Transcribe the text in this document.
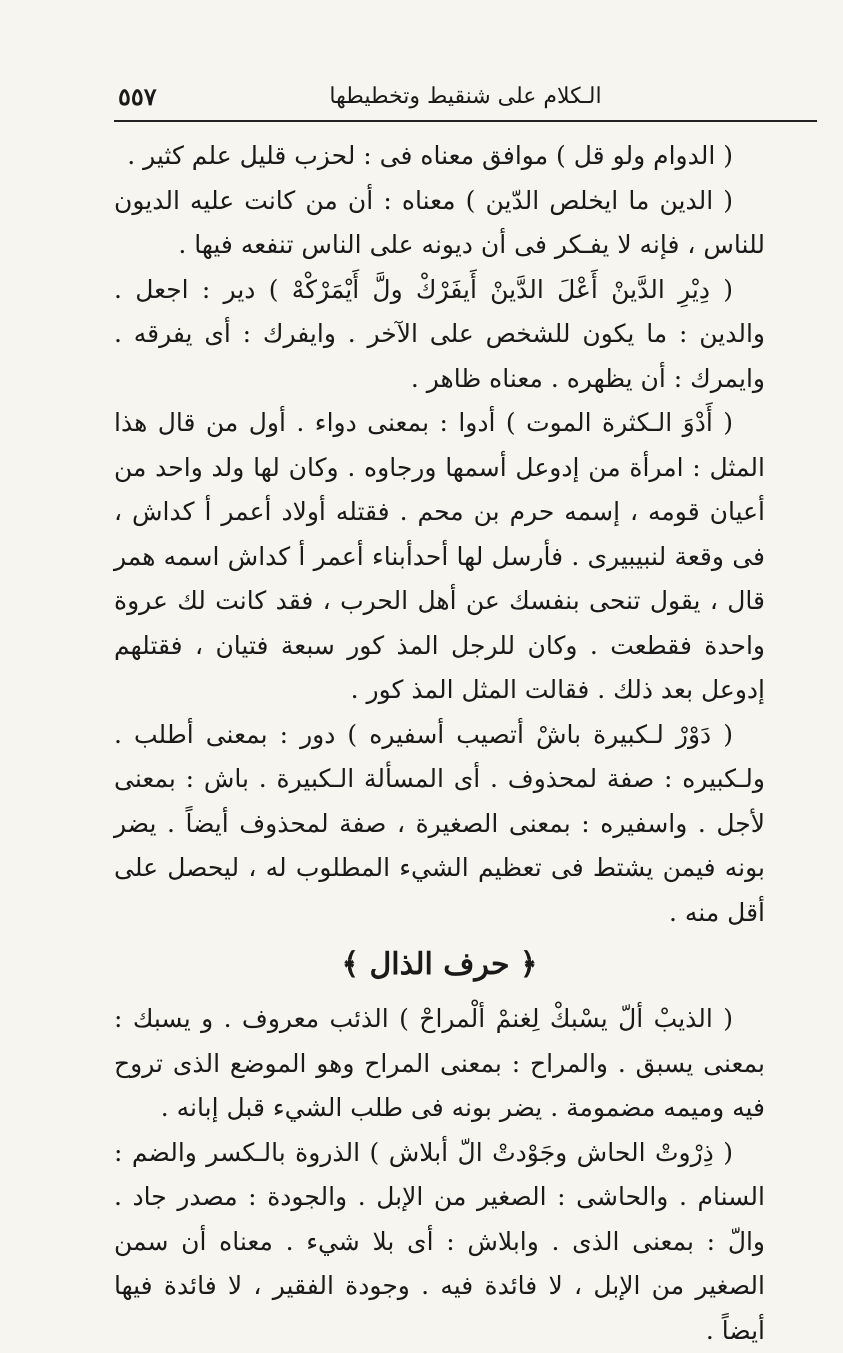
الـكلام على شنقيط وتخطيطها
٥٥٧

( الدوام ولو قل ) موافق معناه فى : لحزب قليل علم كثير .

( الدين ما ايخلص الدّين ) معناه : أن من كانت عليه الديون للناس ، فإنه لا يفـكر فى أن ديونه على الناس تنفعه فيها .

( دِيْرِ الدَّينْ أَعْلَ الدَّينْ أَيفَرْكْ ولَّ أَيْمَرْكْهْ ) دير : اجعل . والدين : ما يكون للشخص على الآخر . وايفرك : أى يفرقه . وايمرك : أن يظهره . معناه ظاهر .

( أَدْوَ الـكثرة الموت ) أدوا : بمعنى دواء . أول من قال هذا المثل : امرأة من إدوعل أسمها ورجاوه . وكان لها ولد واحد من أعيان قومه ، إسمه حرم بن محم . فقتله أولاد أعمر أ كداش ، فى وقعة لنبيبيرى . فأرسل لها أحدأبناء أعمر أ كداش اسمه همر قال ، يقول تنحى بنفسك عن أهل الحرب ، فقد كانت لك عروة واحدة فقطعت . وكان للرجل المذ كور سبعة فتيان ، فقتلهم إدوعل بعد ذلك . فقالت المثل المذ كور .

( دَوْرْ لـكبيرة باشْ أتصيب أسفيره ) دور : بمعنى أطلب . ولـكبيره : صفة لمحذوف . أى المسألة الـكبيرة . باش : بمعنى لأجل . واسفيره : بمعنى الصغيرة ، صفة لمحذوف أيضاً . يضر بونه فيمن يشتط فى تعظيم الشيء المطلوب له ، ليحصل على أقل منه .

﴿ حرف الذال ﴾

( الذيبْ ألّ يسْبكْ لِغنمْ ألْمراحْ ) الذئب معروف . و يسبك : بمعنى يسبق . والمراح : بمعنى المراح وهو الموضع الذى تروح فيه وميمه مضمومة . يضر بونه فى طلب الشيء قبل إبانه .

( ذِرْوتْ الحاش وجَوْدتْ الّ أبلاش ) الذروة بالـكسر والضم : السنام . والحاشى : الصغير من الإبل . والجودة : مصدر جاد . والّ : بمعنى الذى . وابلاش : أى بلا شيء . معناه أن سمن الصغير من الإبل ، لا فائدة فيه . وجودة الفقير ، لا فائدة فيها أيضاً .
